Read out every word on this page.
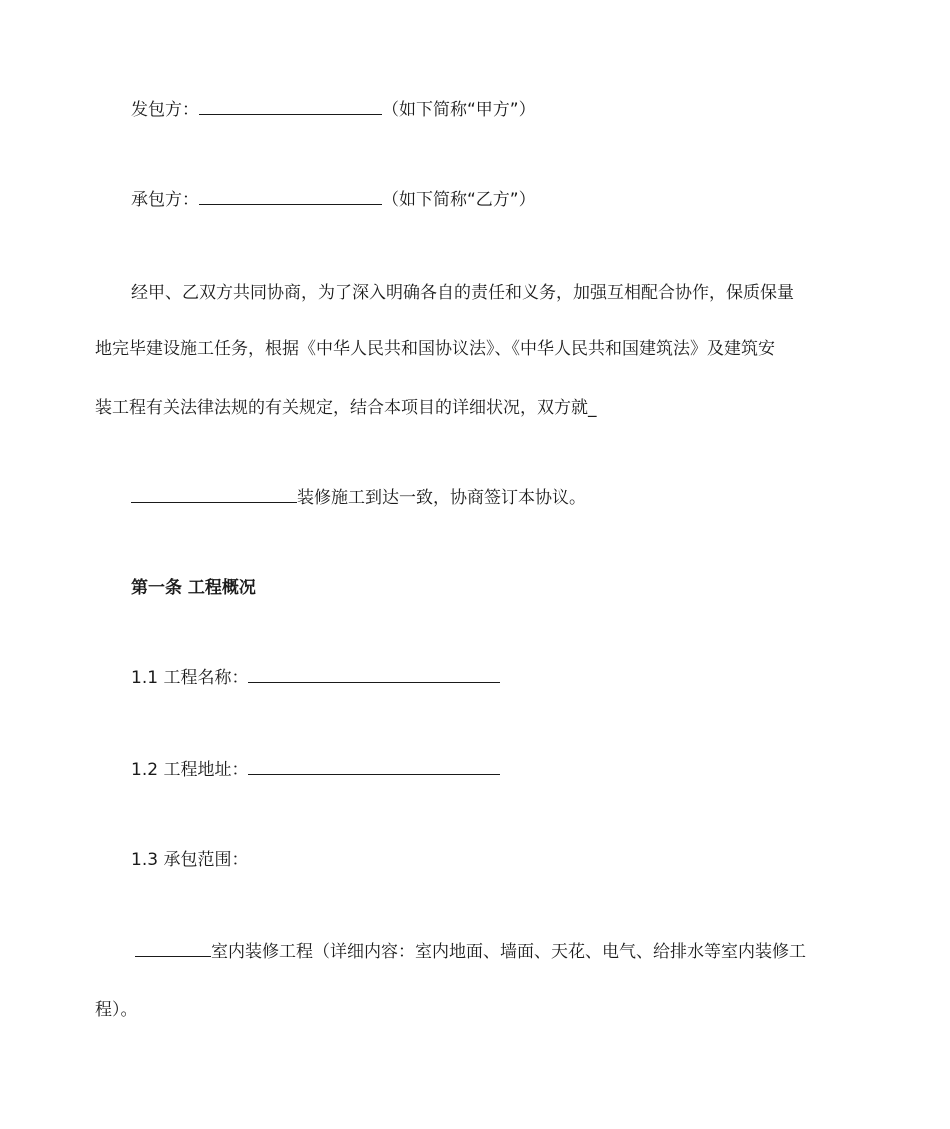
发包方：	（如下简称“甲方”）
承包方：	（如下简称“乙方”）
经甲、乙双方共同协商，为了深入明确各自的责任和义务，加强互相配合协作，保质保量
地完毕建设施工任务，根据《中华人民共和国协议法》、《中华人民共和国建筑法》及建筑安
装工程有关法律法规的有关规定，结合本项目的详细状况，双方就_
装修施工到达一致，协商签订本协议。
第一条 工程概况
1.1 工程名称：
1.2 工程地址：
1.3 承包范围：
室内装修工程（详细内容：室内地面、墙面、天花、电气、给排水等室内装修工
程）。
